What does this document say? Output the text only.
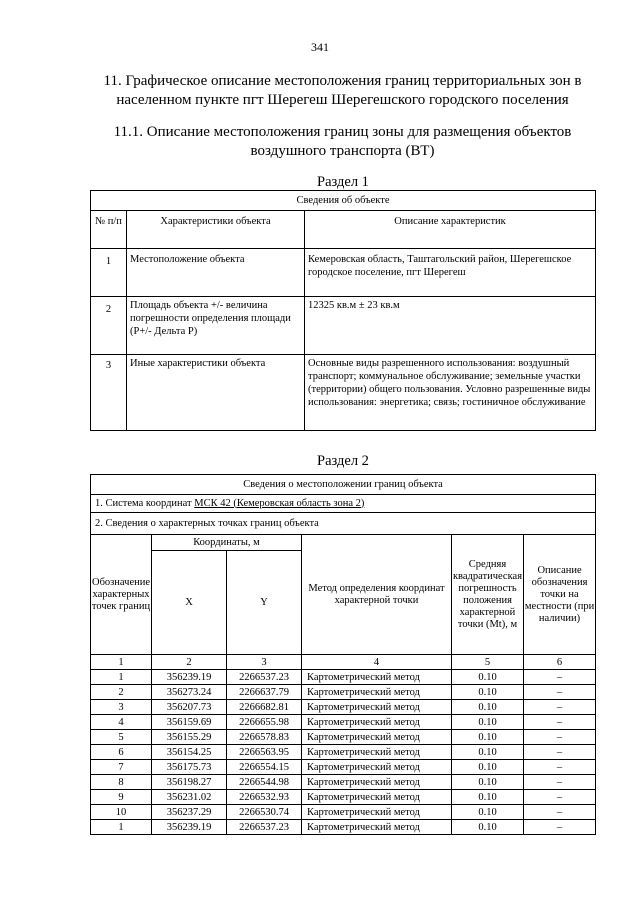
341
11. Графическое описание местоположения границ территориальных зон в населенном пункте пгт Шерегеш Шерегешского городского поселения
11.1. Описание местоположения границ зоны для размещения объектов воздушного транспорта (ВТ)
Раздел 1
Сведения об объекте		
№ п/п	Характеристики объекта	Описание характеристик
1	Местоположение объекта	Кемеровская область, Таштагольский район, Шерегешское городское поселение, пгт Шерегеш
2	Площадь объекта +/- величина погрешности определения площади (Р+/- Дельта Р)	12325 кв.м ± 23 кв.м
3	Иные характеристики объекта	Основные виды разрешенного использования: воздушный транспорт; коммунальное обслуживание; земельные участки (территории) общего пользования. Условно разрешенные виды использования: энергетика; связь; гостиничное обслуживание
Раздел 2
Сведения о местоположении границ объекта					
1. Система координат МСК 42 (Кемеровская область зона 2)					
2. Сведения о характерных точках границ объекта					
Обозначение характерных точек границ	Координаты, м		Метод определения координат характерной точки	Средняя квадратическая погрешность положения характерной точки (Mt), м	Описание обозначения точки на местности (при наличии)
	X	Y			
1	2	3	4	5	6
1	356239.19	2266537.23	Картометрический метод	0.10	–
2	356273.24	2266637.79	Картометрический метод	0.10	–
3	356207.73	2266682.81	Картометрический метод	0.10	–
4	356159.69	2266655.98	Картометрический метод	0.10	–
5	356155.29	2266578.83	Картометрический метод	0.10	–
6	356154.25	2266563.95	Картометрический метод	0.10	–
7	356175.73	2266554.15	Картометрический метод	0.10	–
8	356198.27	2266544.98	Картометрический метод	0.10	–
9	356231.02	2266532.93	Картометрический метод	0.10	–
10	356237.29	2266530.74	Картометрический метод	0.10	–
1	356239.19	2266537.23	Картометрический метод	0.10	–
